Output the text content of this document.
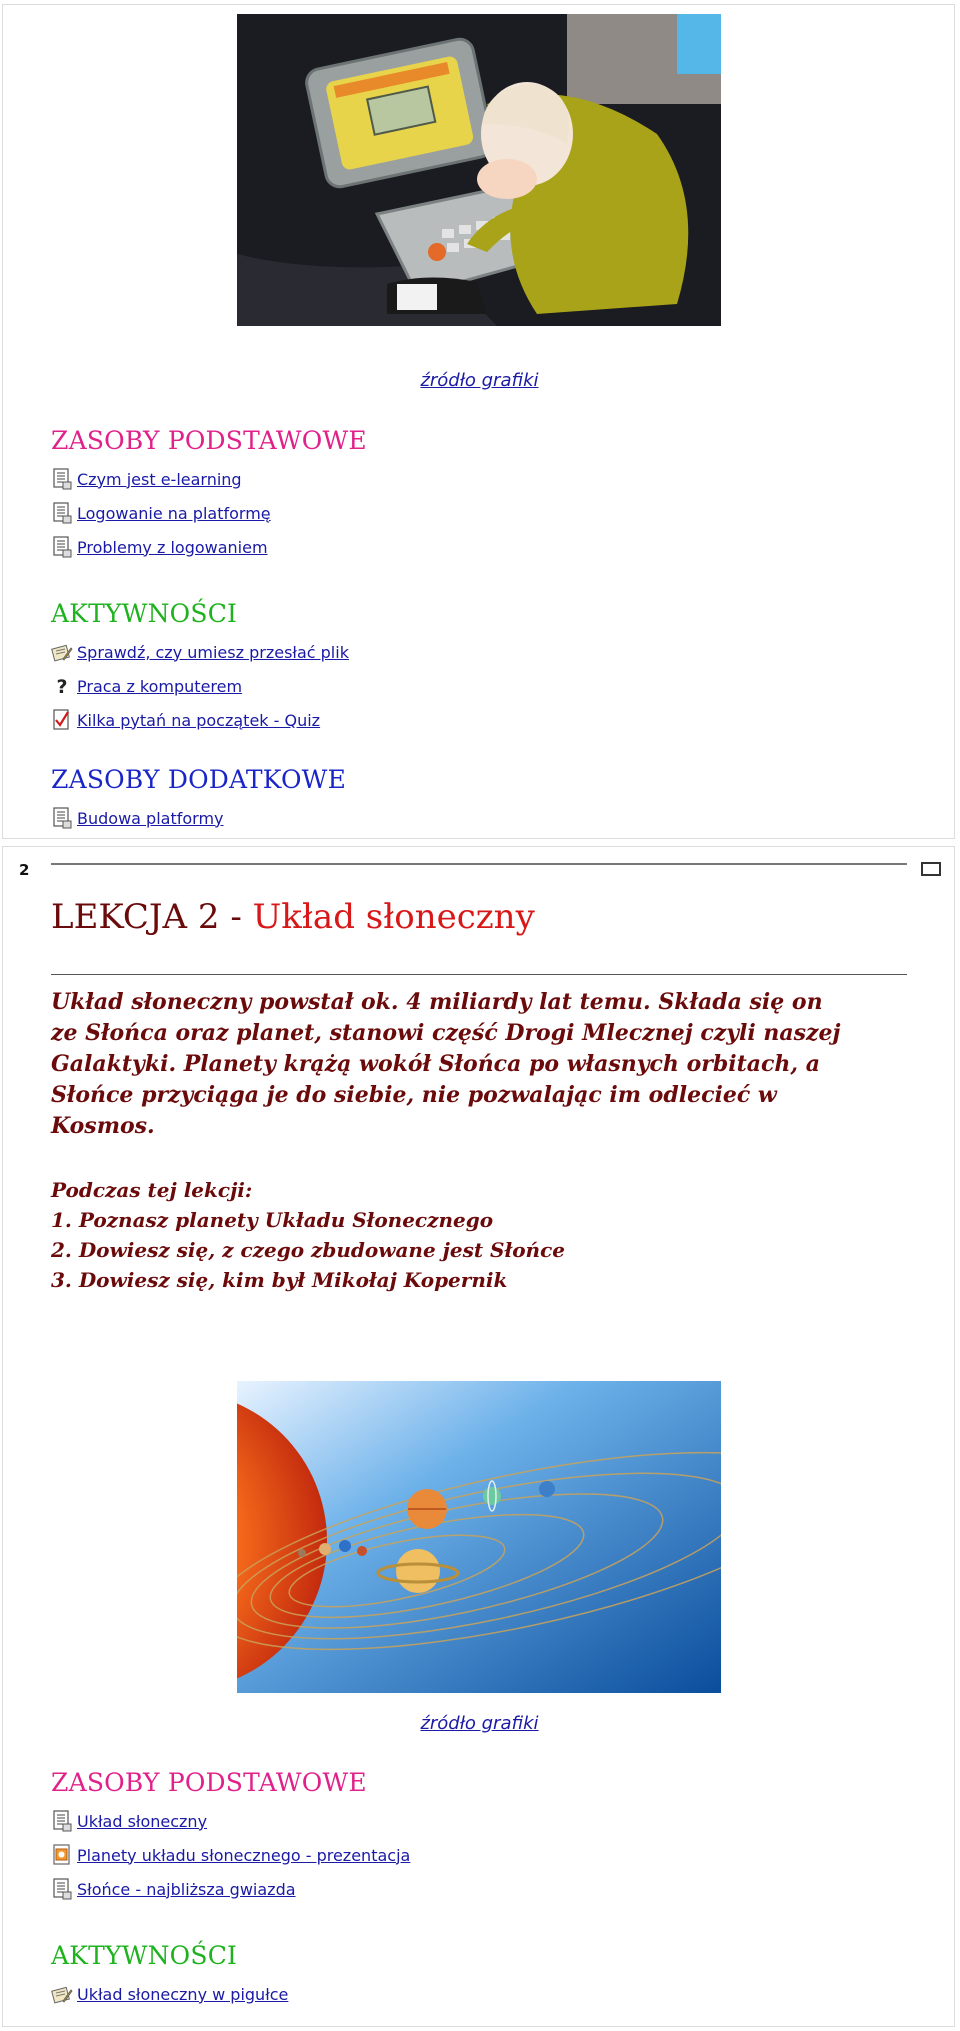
źródło grafiki
ZASOBY PODSTAWOWE
Czym jest e-learning
Logowanie na platformę
Problemy z logowaniem
AKTYWNOŚCI
Sprawdź, czy umiesz przesłać plik
Praca z komputerem
Kilka pytań na początek - Quiz
ZASOBY DODATKOWE
Budowa platformy
2
LEKCJA 2 - Układ słoneczny
Układ słoneczny powstał ok. 4 miliardy lat temu. Składa się on
ze Słońca oraz planet, stanowi część Drogi Mlecznej czyli naszej
Galaktyki. Planety krążą wokół Słońca po własnych orbitach, a
Słońce przyciąga je do siebie, nie pozwalając im odlecieć w
Kosmos.
Podczas tej lekcji:
1. Poznasz planety Układu Słonecznego
2. Dowiesz się, z czego zbudowane jest Słońce
3. Dowiesz się, kim był Mikołaj Kopernik
źródło grafiki
ZASOBY PODSTAWOWE
Układ słoneczny
Planety układu słonecznego - prezentacja
Słońce - najbliższa gwiazda
AKTYWNOŚCI
Układ słoneczny w pigułce
